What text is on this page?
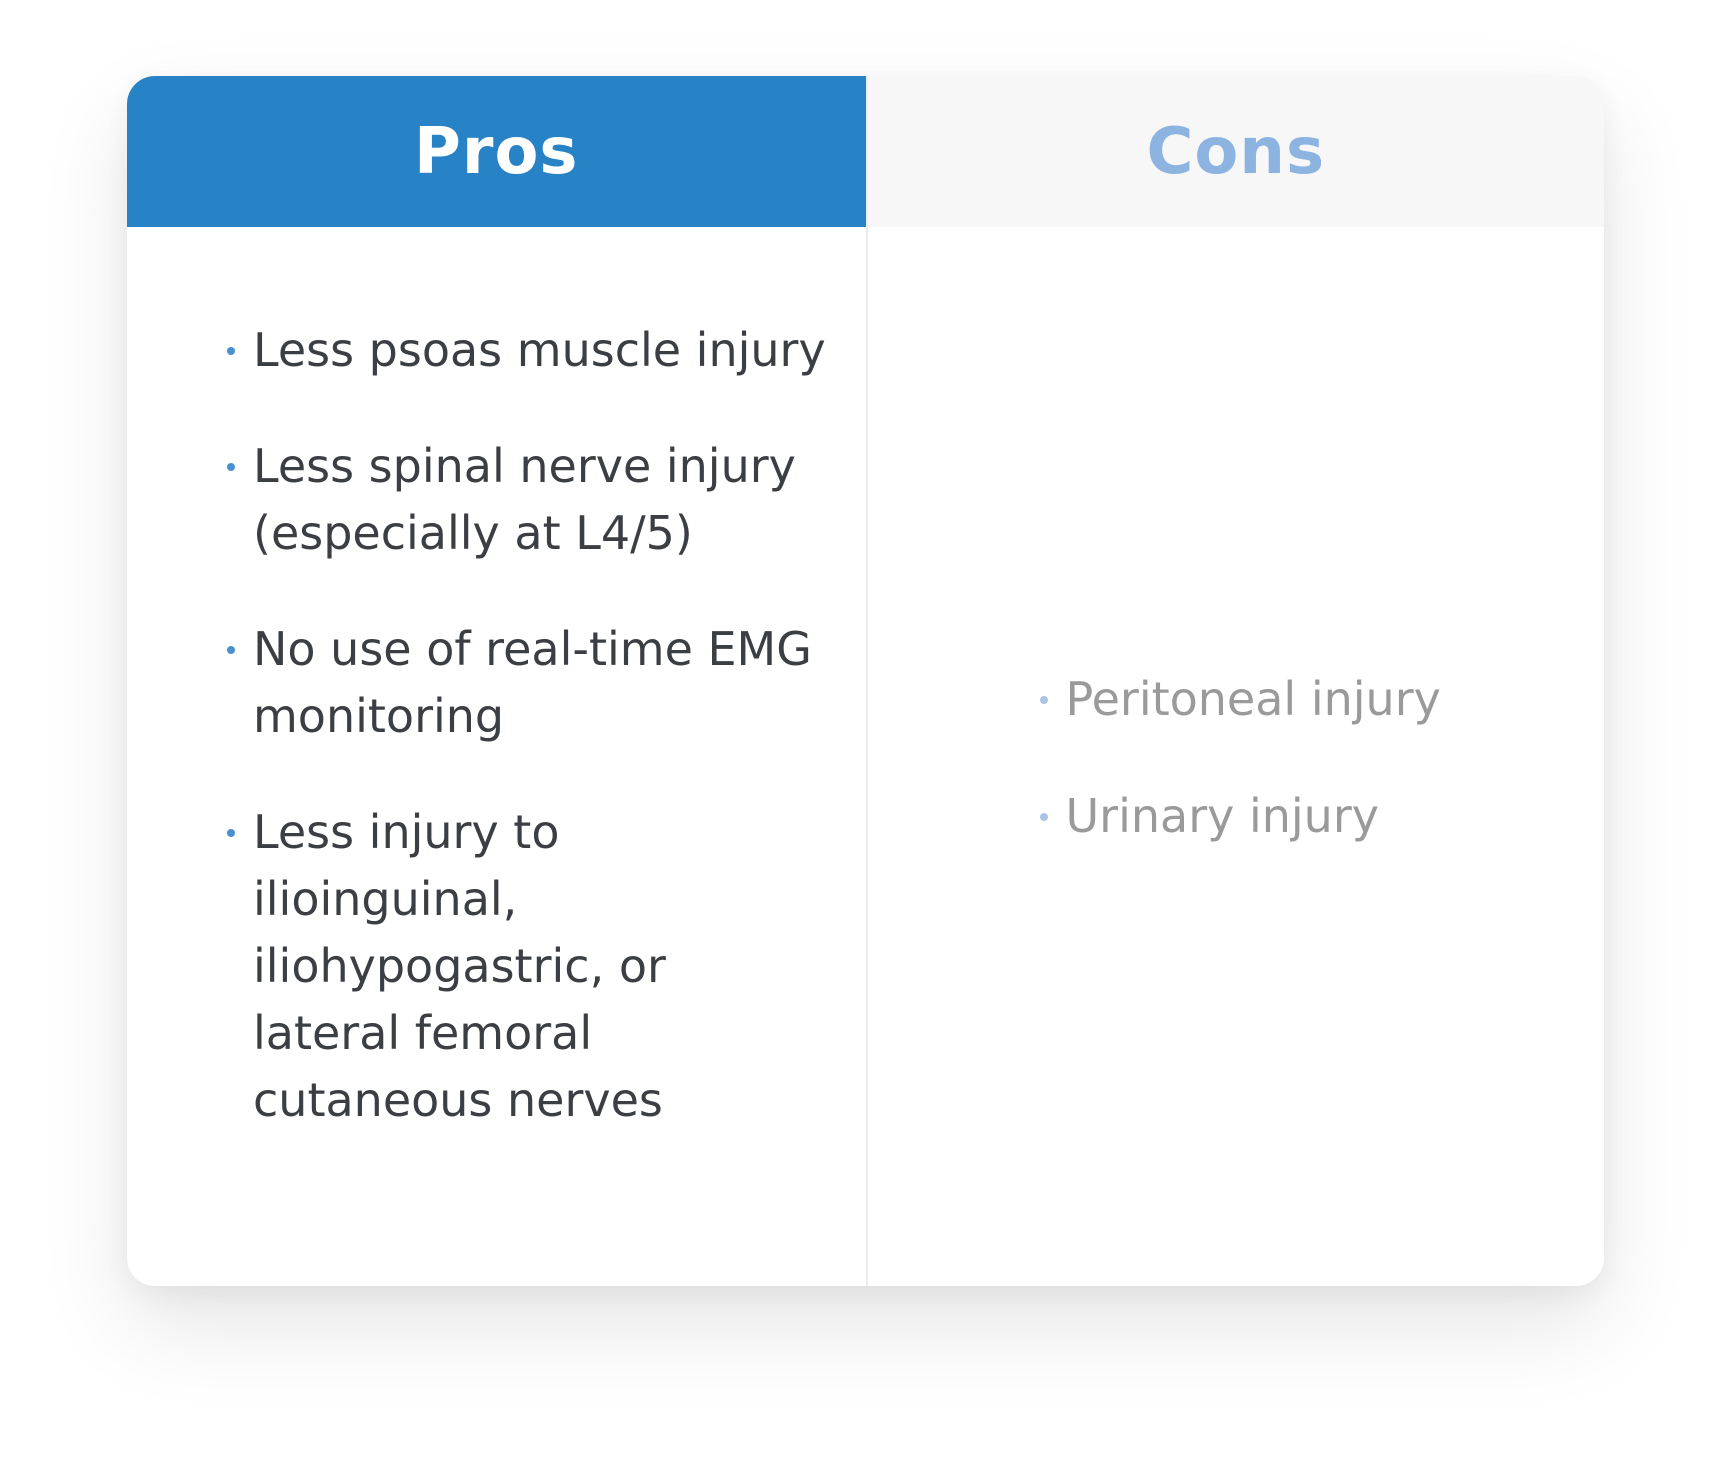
Pros
Less psoas muscle injury
Less spinal nerve injury (especially at L4/5)
No use of real-time EMG monitoring
Less injury to ilioinguinal, iliohypogastric, or lateral femoral cutaneous nerves
Cons
Peritoneal injury
Urinary injury
